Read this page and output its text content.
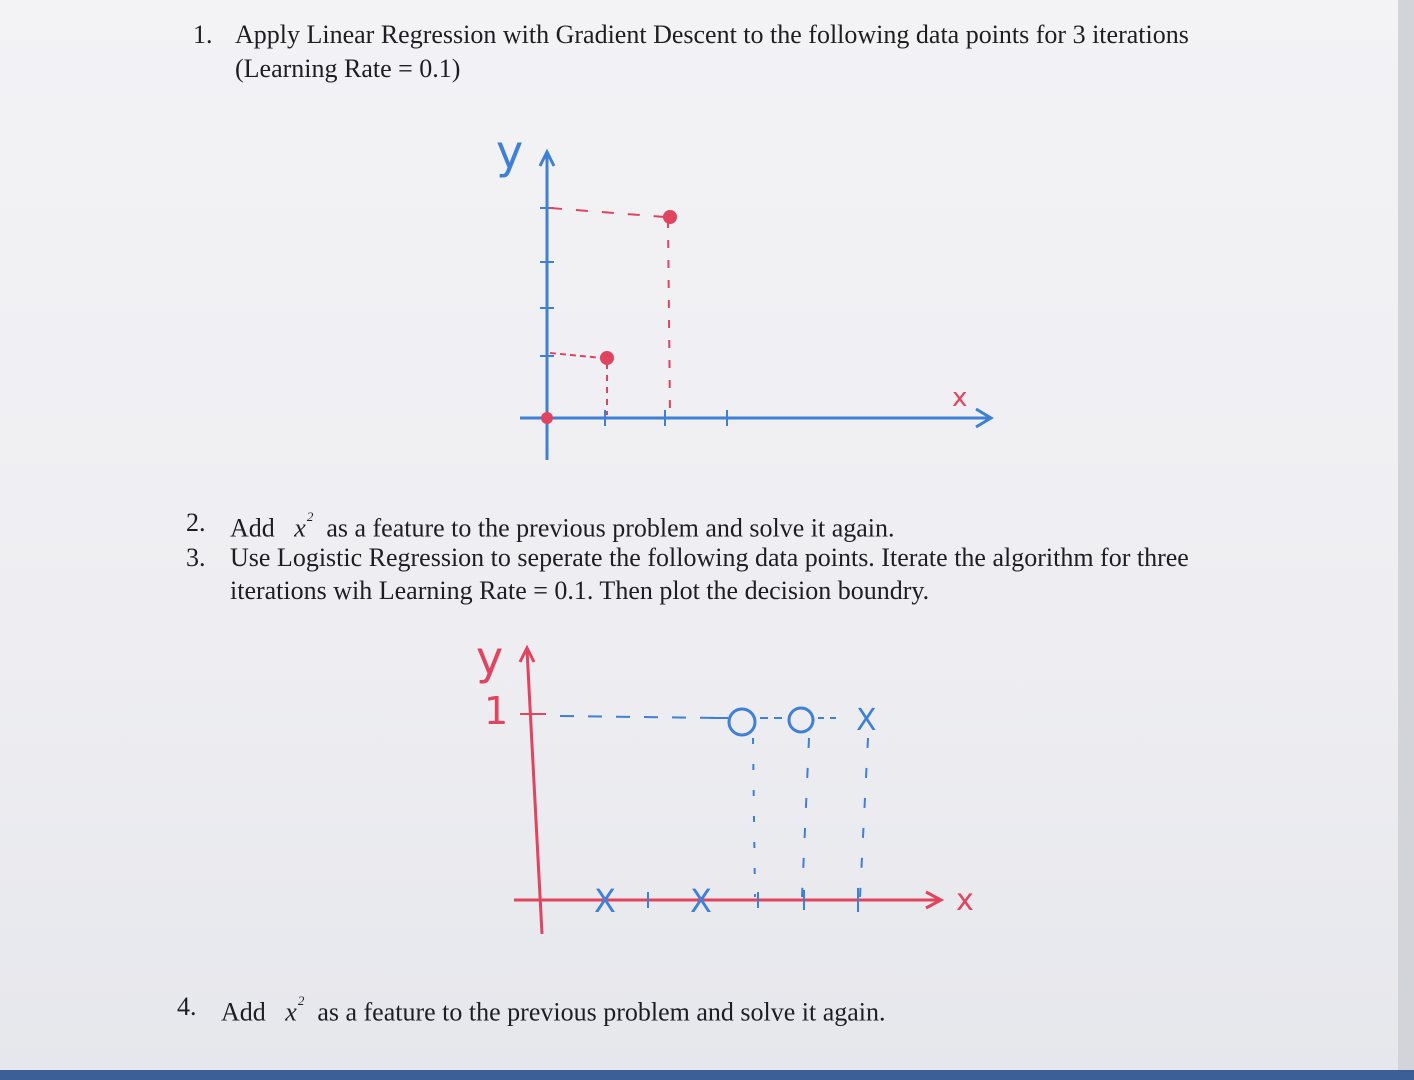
1. Apply Linear Regression with Gradient Descent to the following data points for 3 iterations
(Learning Rate = 0.1)
y
x
2. Add $x^2$ as a feature to the previous problem and solve it again.
3. Use Logistic Regression to seperate the following data points. Iterate the algorithm for three
iterations wih Learning Rate = 0.1. Then plot the decision boundry.
1
X X
X
y
x
4. Add $x^2$ as a feature to the previous problem and solve it again.
